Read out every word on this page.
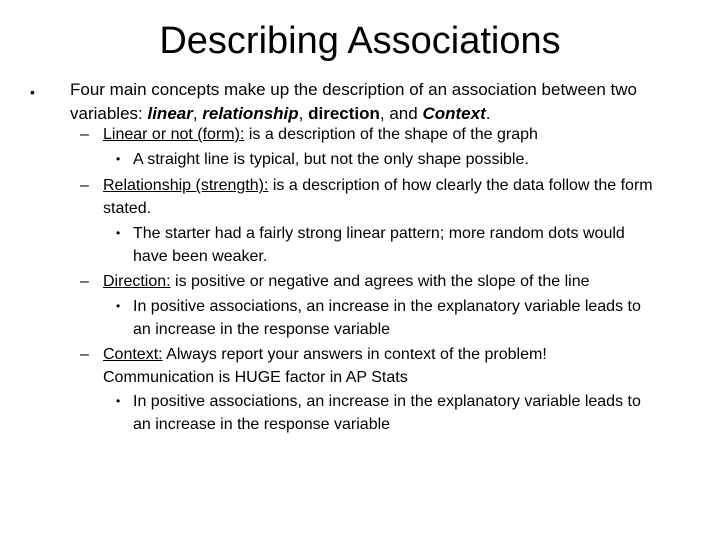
Describing Associations
• Four main concepts make up the description of an association between two variables: linear, relationship, direction, and Context.
– Linear or not (form): is a description of the shape of the graph
• A straight line is typical, but not the only shape possible.
– Relationship (strength): is a description of how clearly the data follow the form stated.
• The starter had a fairly strong linear pattern; more random dots would have been weaker.
– Direction: is positive or negative and agrees with the slope of the line
• In positive associations, an increase in the explanatory variable leads to an increase in the response variable
– Context: Always report your answers in context of the problem! Communication is HUGE factor in AP Stats
• In positive associations, an increase in the explanatory variable leads to an increase in the response variable
